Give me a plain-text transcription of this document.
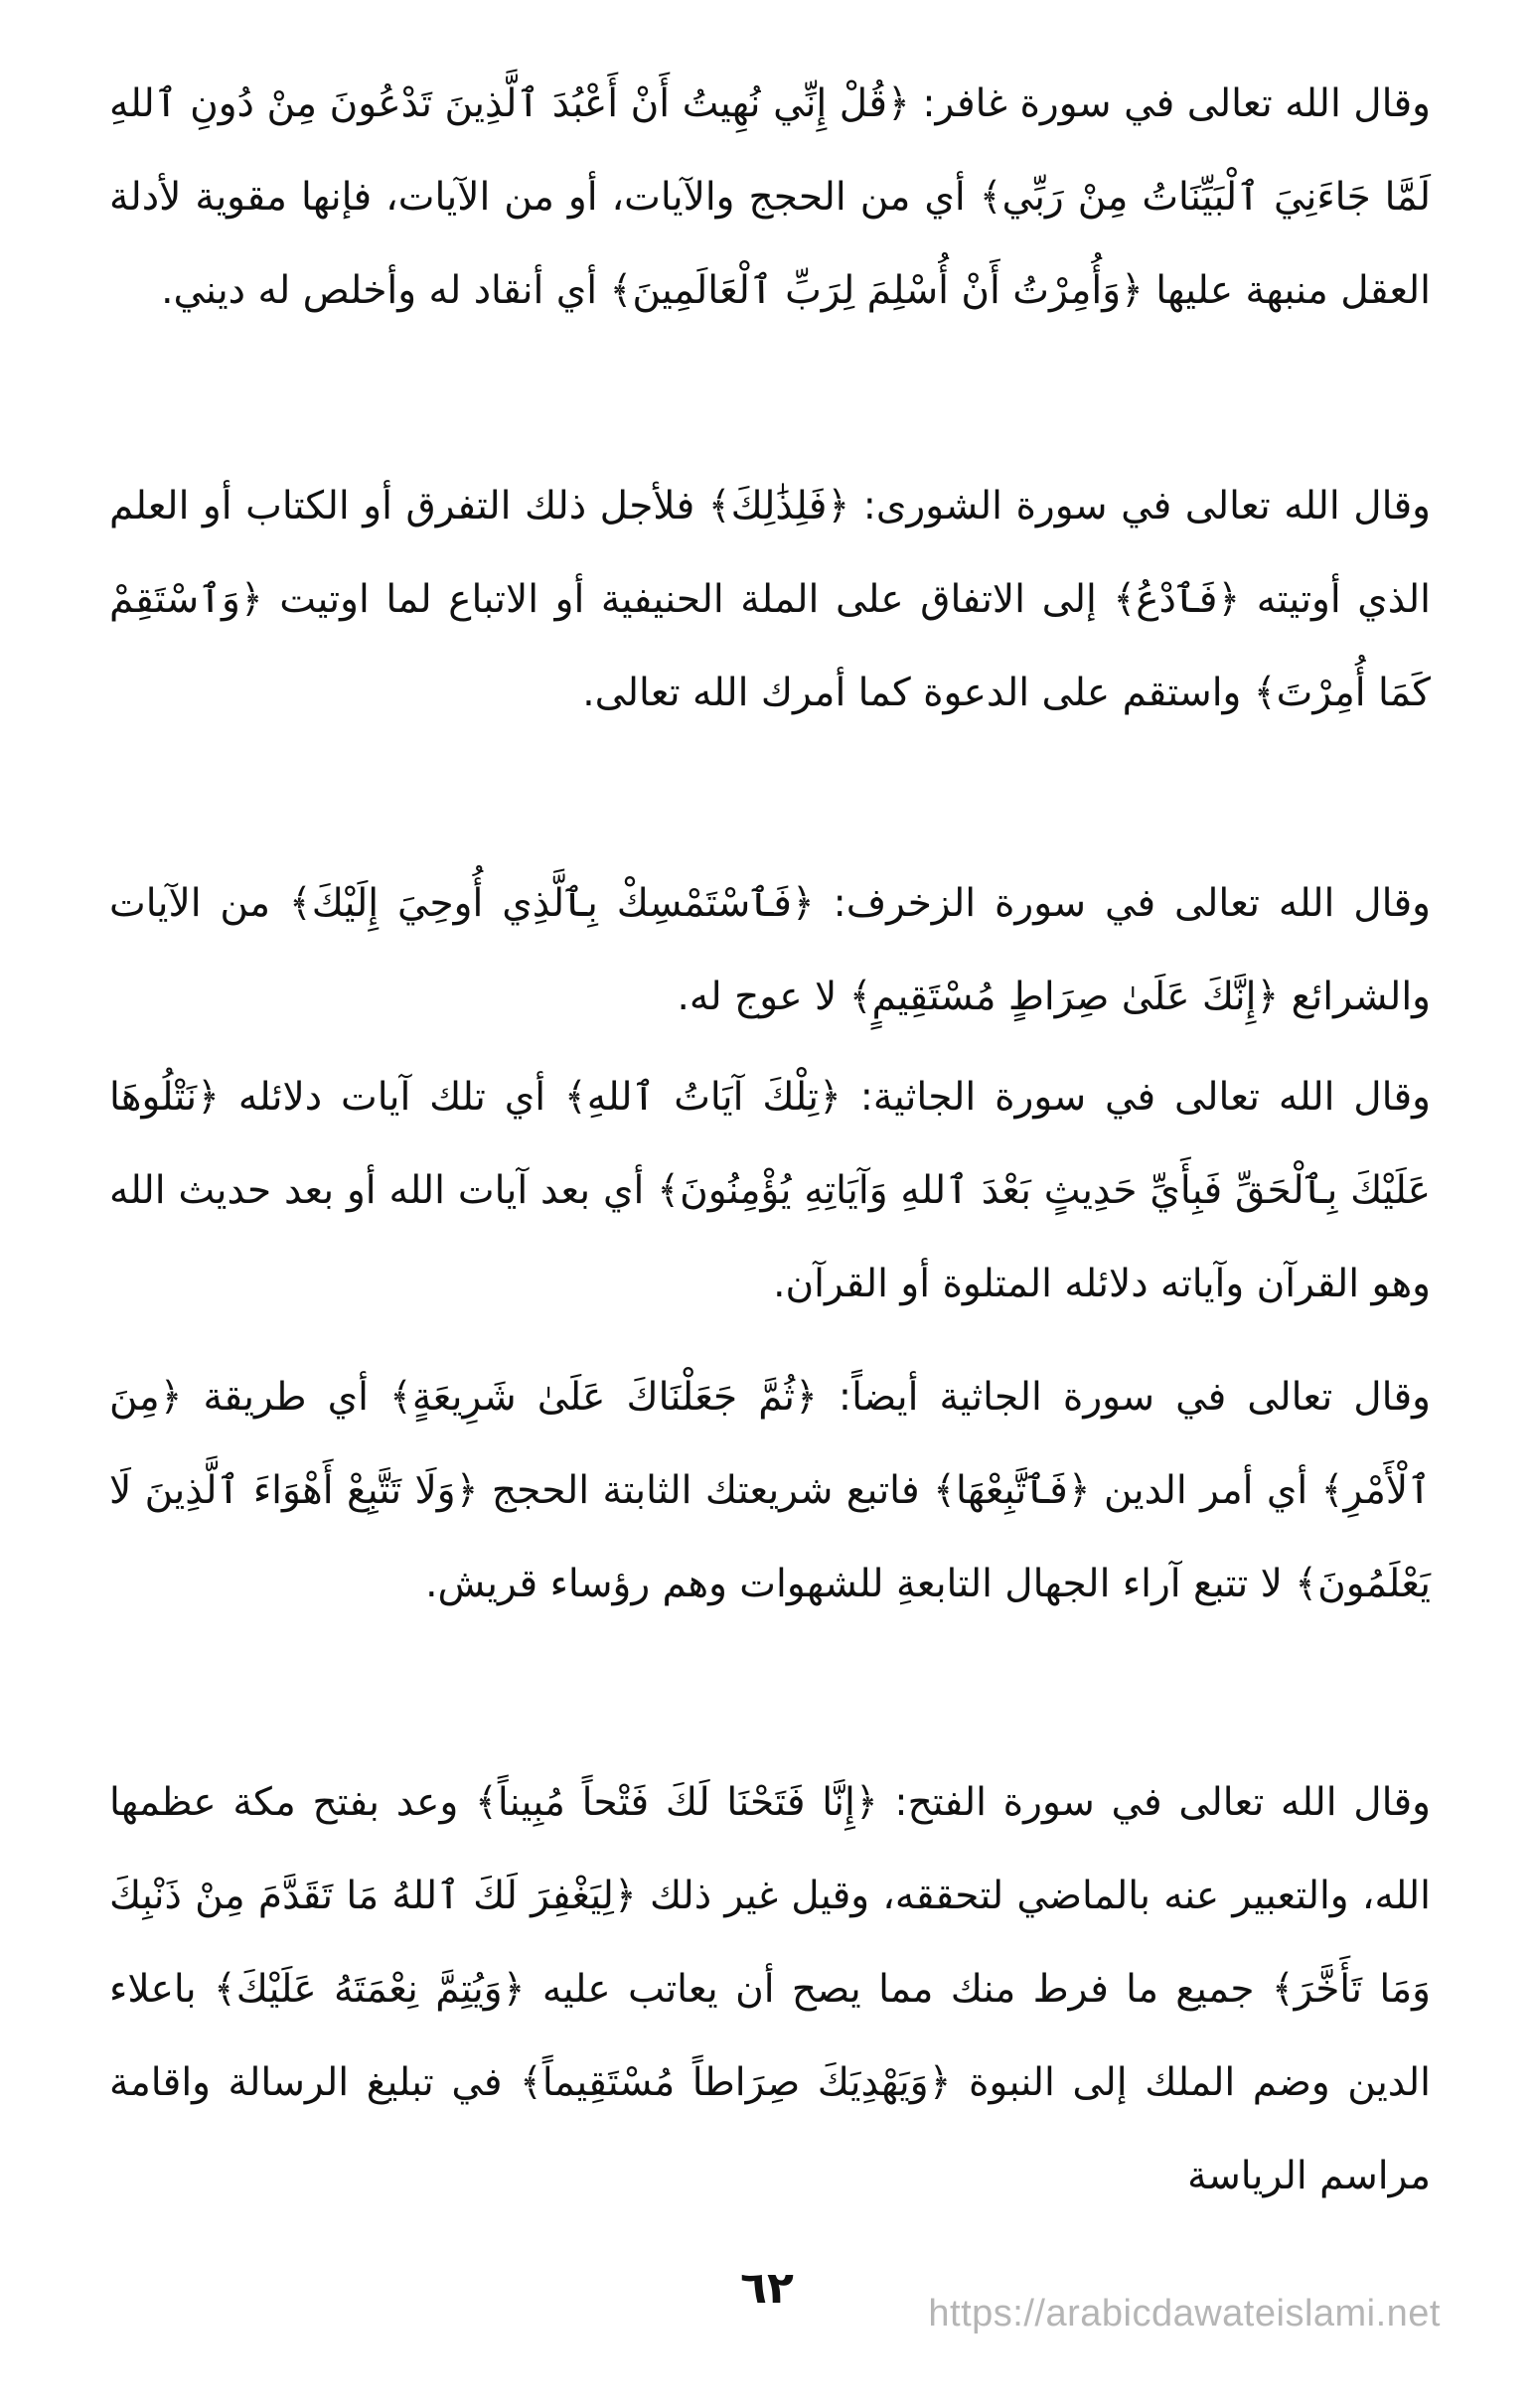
وقال الله تعالى في سورة غافر: ﴿قُلْ إِنِّي نُهِيتُ أَنْ أَعْبُدَ ٱلَّذِينَ تَدْعُونَ مِنْ دُونِ ٱللهِ لَمَّا جَاءَنِيَ ٱلْبَيِّنَاتُ مِنْ رَبِّي﴾ أي من الحجج والآيات، أو من الآيات، فإنها مقوية لأدلة العقل منبهة عليها ﴿وَأُمِرْتُ أَنْ أُسْلِمَ لِرَبِّ ٱلْعَالَمِينَ﴾ أي أنقاد له وأخلص له ديني.
وقال الله تعالى في سورة الشورى: ﴿فَلِذَٰلِكَ﴾ فلأجل ذلك التفرق أو الكتاب أو العلم الذي أوتيته ﴿فَٱدْعُ﴾ إلى الاتفاق على الملة الحنيفية أو الاتباع لما اوتيت ﴿وَٱسْتَقِمْ كَمَا أُمِرْتَ﴾ واستقم على الدعوة كما أمرك الله تعالى.
وقال الله تعالى في سورة الزخرف: ﴿فَٱسْتَمْسِكْ بِٱلَّذِي أُوحِيَ إِلَيْكَ﴾ من الآيات والشرائع ﴿إِنَّكَ عَلَىٰ صِرَاطٍ مُسْتَقِيمٍ﴾ لا عوج له.
وقال الله تعالى في سورة الجاثية: ﴿تِلْكَ آيَاتُ ٱللهِ﴾ أي تلك آيات دلائله ﴿نَتْلُوهَا عَلَيْكَ بِٱلْحَقِّ فَبِأَيِّ حَدِيثٍ بَعْدَ ٱللهِ وَآيَاتِهِ يُؤْمِنُونَ﴾ أي بعد آيات الله أو بعد حديث الله وهو القرآن وآياته دلائله المتلوة أو القرآن.
وقال تعالى في سورة الجاثية أيضاً: ﴿ثُمَّ جَعَلْنَاكَ عَلَىٰ شَرِيعَةٍ﴾ أي طريقة ﴿مِنَ ٱلْأَمْرِ﴾ أي أمر الدين ﴿فَٱتَّبِعْهَا﴾ فاتبع شريعتك الثابتة الحجج ﴿وَلَا تَتَّبِعْ أَهْوَاءَ ٱلَّذِينَ لَا يَعْلَمُونَ﴾ لا تتبع آراء الجهال التابعةِ للشهوات وهم رؤساء قريش.
وقال الله تعالى في سورة الفتح: ﴿إِنَّا فَتَحْنَا لَكَ فَتْحاً مُبِيناً﴾ وعد بفتح مكة عظمها الله، والتعبير عنه بالماضي لتحققه، وقيل غير ذلك ﴿لِيَغْفِرَ لَكَ ٱللهُ مَا تَقَدَّمَ مِنْ ذَنْبِكَ وَمَا تَأَخَّرَ﴾ جميع ما فرط منك مما يصح أن يعاتب عليه ﴿وَيُتِمَّ نِعْمَتَهُ عَلَيْكَ﴾ باعلاء الدين وضم الملك إلى النبوة ﴿وَيَهْدِيَكَ صِرَاطاً مُسْتَقِيماً﴾ في تبليغ الرسالة واقامة مراسم الرياسة
٦٢	https://arabicdawateislami.net
